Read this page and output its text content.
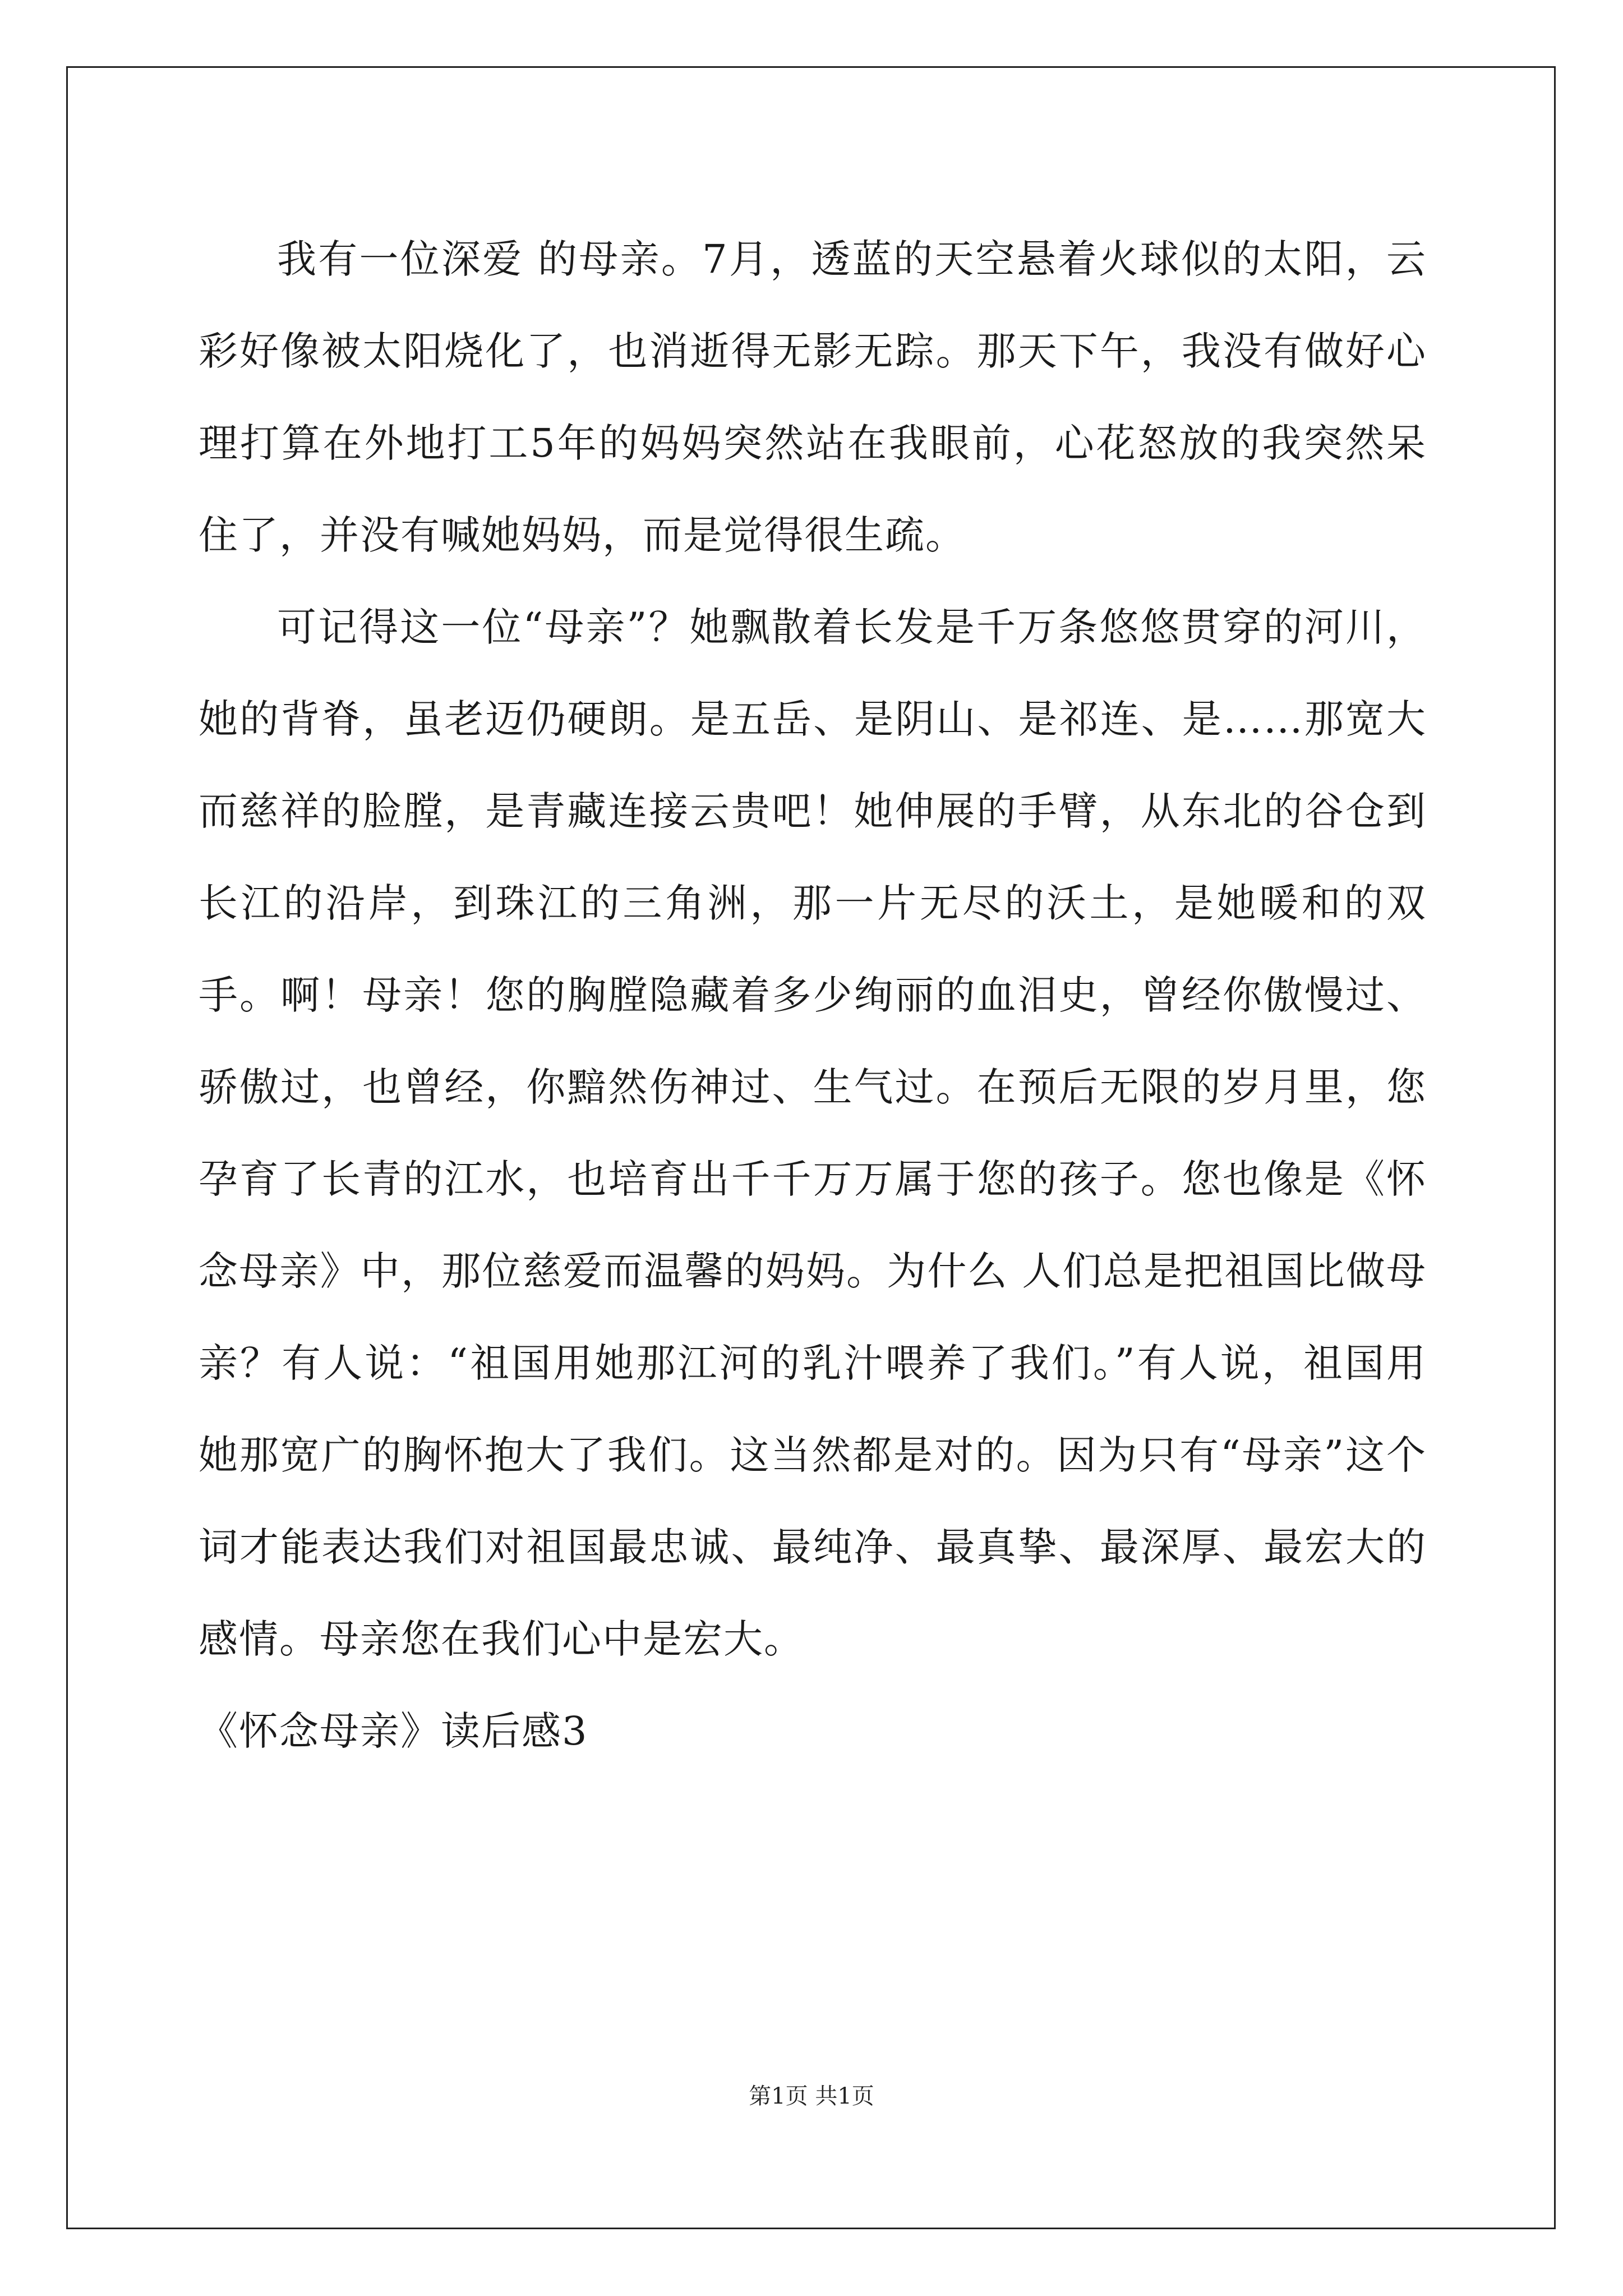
我有一位深爱 的母亲。7月，透蓝的天空悬着火球似的太阳，云彩好像被太阳烧化了，也消逝得无影无踪。那天下午，我没有做好心理打算在外地打工5年的妈妈突然站在我眼前，心花怒放的我突然呆住了，并没有喊她妈妈，而是觉得很生疏。

可记得这一位“母亲”？她飘散着长发是千万条悠悠贯穿的河川，她的背脊，虽老迈仍硬朗。是五岳、是阴山、是祁连、是……那宽大而慈祥的脸膛，是青藏连接云贵吧！她伸展的手臂，从东北的谷仓到长江的沿岸，到珠江的三角洲，那一片无尽的沃土，是她暖和的双手。啊！母亲！您的胸膛隐藏着多少绚丽的血泪史，曾经你傲慢过、骄傲过，也曾经，你黯然伤神过、生气过。在预后无限的岁月里，您孕育了长青的江水，也培育出千千万万属于您的孩子。您也像是《怀念母亲》中，那位慈爱而温馨的妈妈。为什么 人们总是把祖国比做母亲？有人说：“祖国用她那江河的乳汁喂养了我们。”有人说，祖国用她那宽广的胸怀抱大了我们。这当然都是对的。因为只有“母亲”这个词才能表达我们对祖国最忠诚、最纯净、最真挚、最深厚、最宏大的感情。母亲您在我们心中是宏大。

《怀念母亲》读后感3

第1页 共1页
